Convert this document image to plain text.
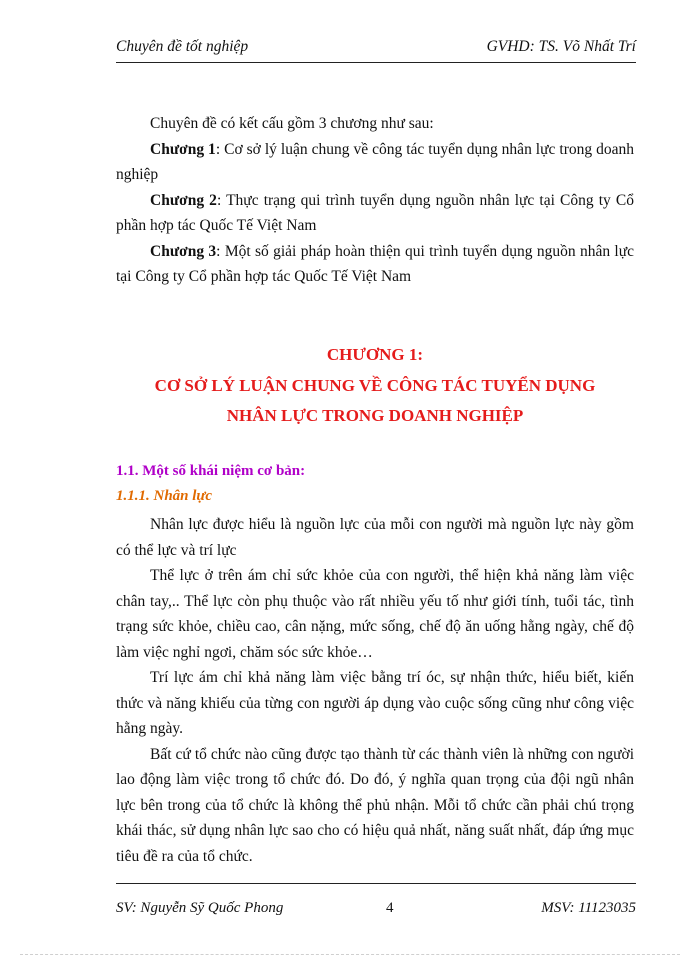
Chuyên đề tốt nghiệp	GVHD: TS. Võ Nhất Trí

Chuyên đề có kết cấu gồm 3 chương như sau:

Chương 1: Cơ sở lý luận chung về công tác tuyển dụng nhân lực trong doanh nghiệp

Chương 2: Thực trạng qui trình tuyển dụng nguồn nhân lực tại Công ty Cổ phần hợp tác Quốc Tế Việt Nam

Chương 3: Một số giải pháp hoàn thiện qui trình tuyển dụng nguồn nhân lực tại Công ty Cổ phần hợp tác Quốc Tế Việt Nam

CHƯƠNG 1:
CƠ SỞ LÝ LUẬN CHUNG VỀ CÔNG TÁC TUYỂN DỤNG
NHÂN LỰC TRONG DOANH NGHIỆP
1.1. Một số khái niệm cơ bản:
1.1.1. Nhân lực

Nhân lực được hiểu là nguồn lực của mỗi con người mà nguồn lực này gồm có thể lực và trí lực

Thể lực ở trên ám chỉ sức khỏe của con người, thể hiện khả năng làm việc chân tay,.. Thể lực còn phụ thuộc vào rất nhiều yếu tố như giới tính, tuổi tác, tình trạng sức khỏe, chiều cao, cân nặng, mức sống, chế độ ăn uống hằng ngày, chế độ làm việc nghỉ ngơi, chăm sóc sức khỏe…

Trí lực ám chỉ khả năng làm việc bằng trí óc, sự nhận thức, hiểu biết, kiến thức và năng khiếu của từng con người áp dụng vào cuộc sống cũng như công việc hằng ngày.

Bất cứ tổ chức nào cũng được tạo thành từ các thành viên là những con người lao động làm việc trong tổ chức đó. Do đó, ý nghĩa quan trọng của đội ngũ nhân lực bên trong của tổ chức là không thể phủ nhận. Mỗi tổ chức cần phải chú trọng khái thác, sử dụng nhân lực sao cho có hiệu quả nhất, năng suất nhất, đáp ứng mục tiêu đề ra của tổ chức.

SV: Nguyễn Sỹ Quốc Phong	4	MSV: 11123035
